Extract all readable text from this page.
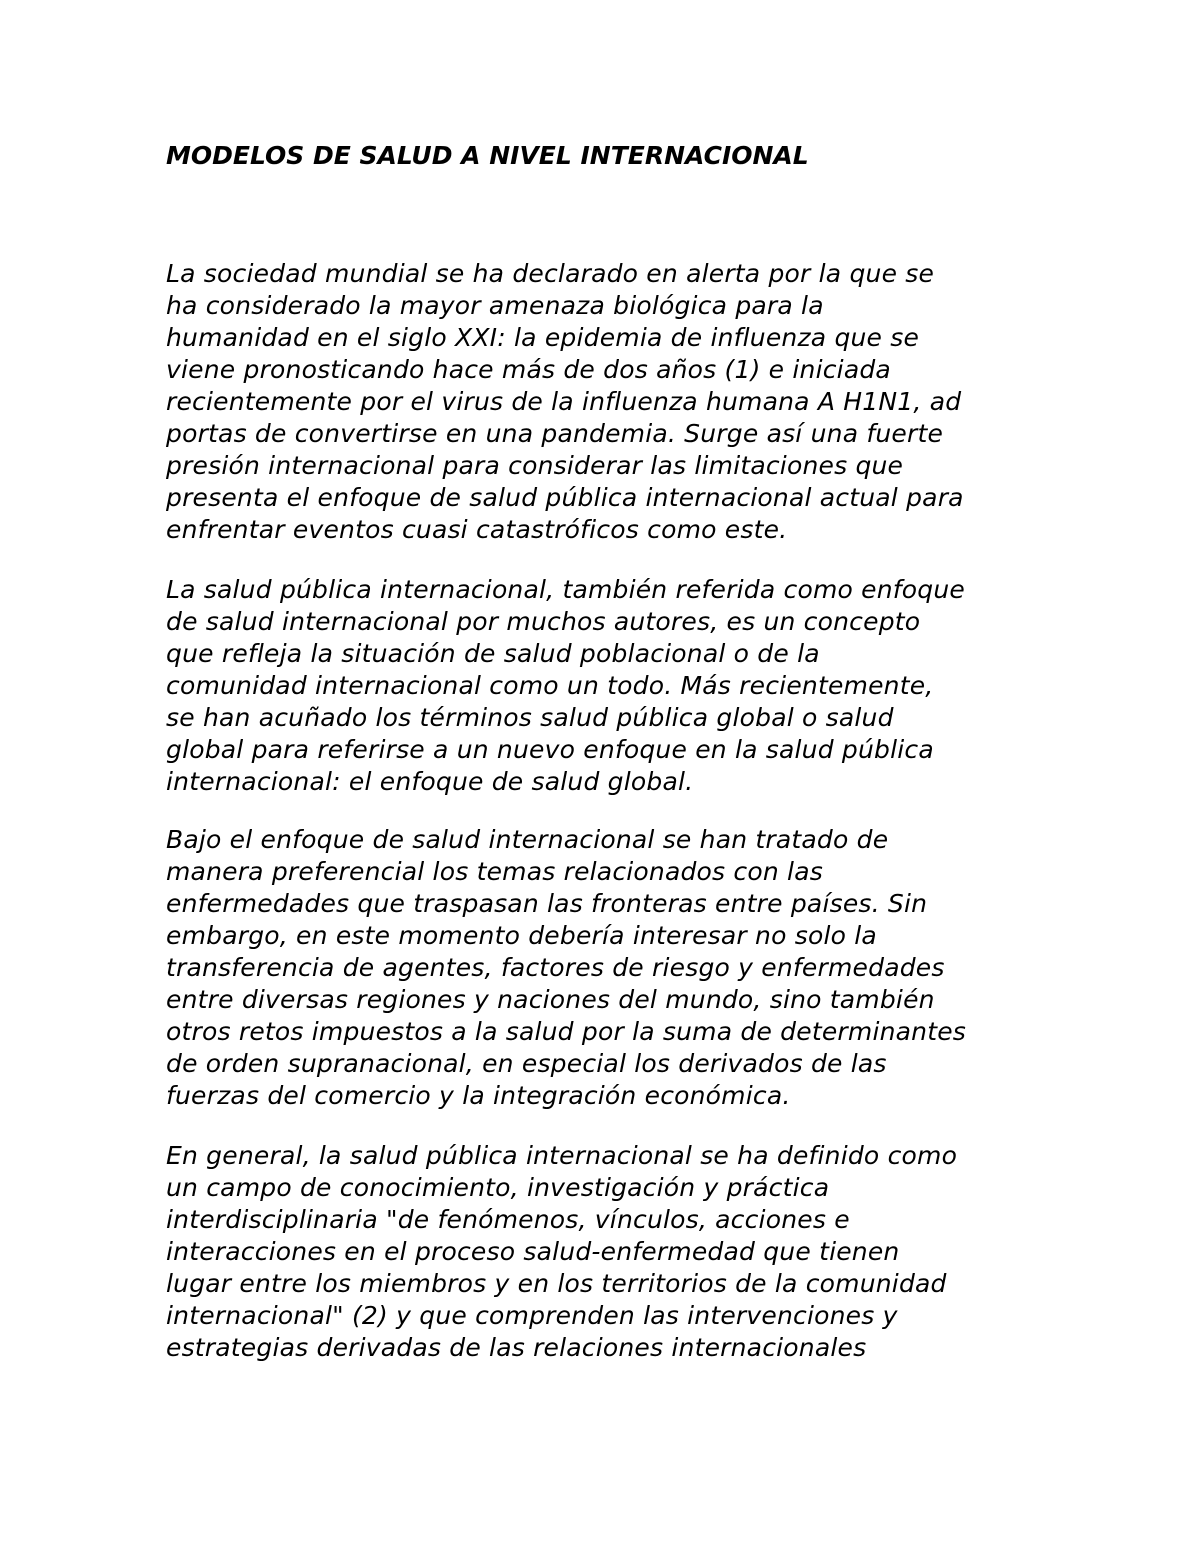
MODELOS DE SALUD A NIVEL INTERNACIONAL

La sociedad mundial se ha declarado en alerta por la que se
ha considerado la mayor amenaza biológica para la
humanidad en el siglo XXI: la epidemia de influenza que se
viene pronosticando hace más de dos años (1) e iniciada
recientemente por el virus de la influenza humana A H1N1, ad
portas de convertirse en una pandemia. Surge así una fuerte
presión internacional para considerar las limitaciones que
presenta el enfoque de salud pública internacional actual para
enfrentar eventos cuasi catastróficos como este.

La salud pública internacional, también referida como enfoque
de salud internacional por muchos autores, es un concepto
que refleja la situación de salud poblacional o de la
comunidad internacional como un todo. Más recientemente,
se han acuñado los términos salud pública global o salud
global para referirse a un nuevo enfoque en la salud pública
internacional: el enfoque de salud global.

Bajo el enfoque de salud internacional se han tratado de
manera preferencial los temas relacionados con las
enfermedades que traspasan las fronteras entre países. Sin
embargo, en este momento debería interesar no solo la
transferencia de agentes, factores de riesgo y enfermedades
entre diversas regiones y naciones del mundo, sino también
otros retos impuestos a la salud por la suma de determinantes
de orden supranacional, en especial los derivados de las
fuerzas del comercio y la integración económica.

En general, la salud pública internacional se ha definido como
un campo de conocimiento, investigación y práctica
interdisciplinaria "de fenómenos, vínculos, acciones e
interacciones en el proceso salud-enfermedad que tienen
lugar entre los miembros y en los territorios de la comunidad
internacional" (2) y que comprenden las intervenciones y
estrategias derivadas de las relaciones internacionales
